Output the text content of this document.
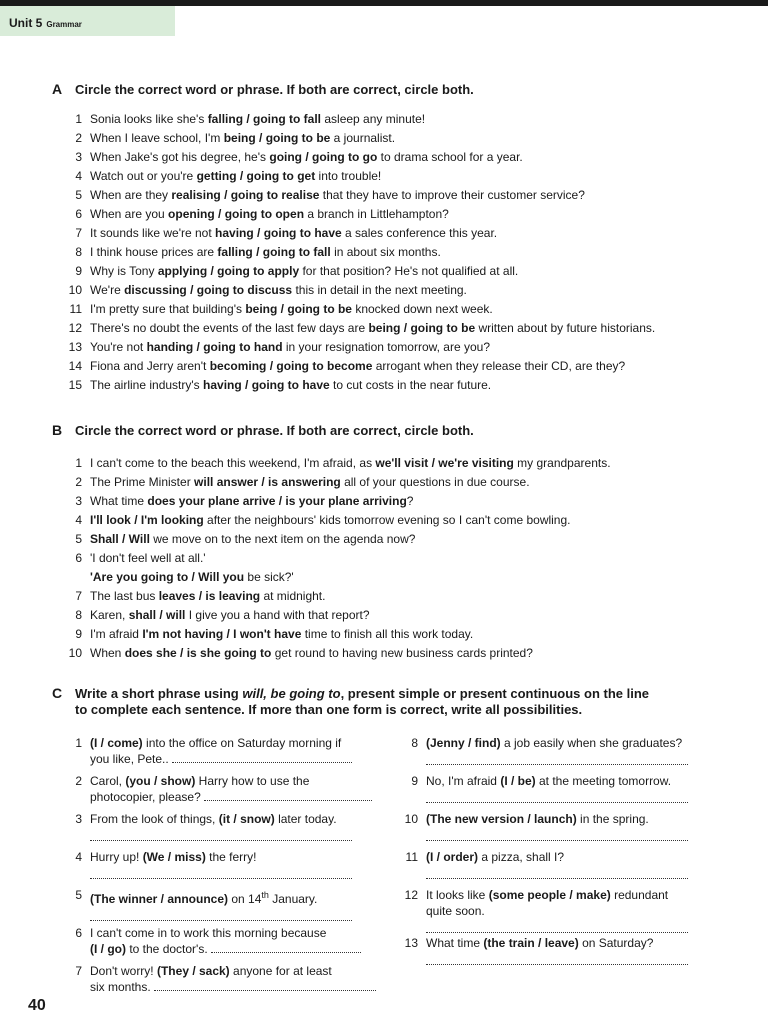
Unit 5 Grammar
A Circle the correct word or phrase. If both are correct, circle both.
1 Sonia looks like she's falling / going to fall asleep any minute!
2 When I leave school, I'm being / going to be a journalist.
3 When Jake's got his degree, he's going / going to go to drama school for a year.
4 Watch out or you're getting / going to get into trouble!
5 When are they realising / going to realise that they have to improve their customer service?
6 When are you opening / going to open a branch in Littlehampton?
7 It sounds like we're not having / going to have a sales conference this year.
8 I think house prices are falling / going to fall in about six months.
9 Why is Tony applying / going to apply for that position? He's not qualified at all.
10 We're discussing / going to discuss this in detail in the next meeting.
11 I'm pretty sure that building's being / going to be knocked down next week.
12 There's no doubt the events of the last few days are being / going to be written about by future historians.
13 You're not handing / going to hand in your resignation tomorrow, are you?
14 Fiona and Jerry aren't becoming / going to become arrogant when they release their CD, are they?
15 The airline industry's having / going to have to cut costs in the near future.
B Circle the correct word or phrase. If both are correct, circle both.
1 I can't come to the beach this weekend, I'm afraid, as we'll visit / we're visiting my grandparents.
2 The Prime Minister will answer / is answering all of your questions in due course.
3 What time does your plane arrive / is your plane arriving?
4 I'll look / I'm looking after the neighbours' kids tomorrow evening so I can't come bowling.
5 Shall / Will we move on to the next item on the agenda now?
6 'I don't feel well at all.'
'Are you going to / Will you be sick?'
7 The last bus leaves / is leaving at midnight.
8 Karen, shall / will I give you a hand with that report?
9 I'm afraid I'm not having / I won't have time to finish all this work today.
10 When does she / is she going to get round to having new business cards printed?
C Write a short phrase using will, be going to, present simple or present continuous on the line
to complete each sentence. If more than one form is correct, write all possibilities.
1 (I / come) into the office on Saturday morning if
you like, Pete..
2 Carol, (you / show) Harry how to use the
photocopier, please?
3 From the look of things, (it / snow) later today.
4 Hurry up! (We / miss) the ferry!
5 (The winner / announce) on 14th January.
6 I can't come in to work this morning because
(I / go) to the doctor's.
7 Don't worry! (They / sack) anyone for at least
six months.
8 (Jenny / find) a job easily when she graduates?
9 No, I'm afraid (I / be) at the meeting tomorrow.
10 (The new version / launch) in the spring.
11 (I / order) a pizza, shall I?
12 It looks like (some people / make) redundant
quite soon.
13 What time (the train / leave) on Saturday?
40
